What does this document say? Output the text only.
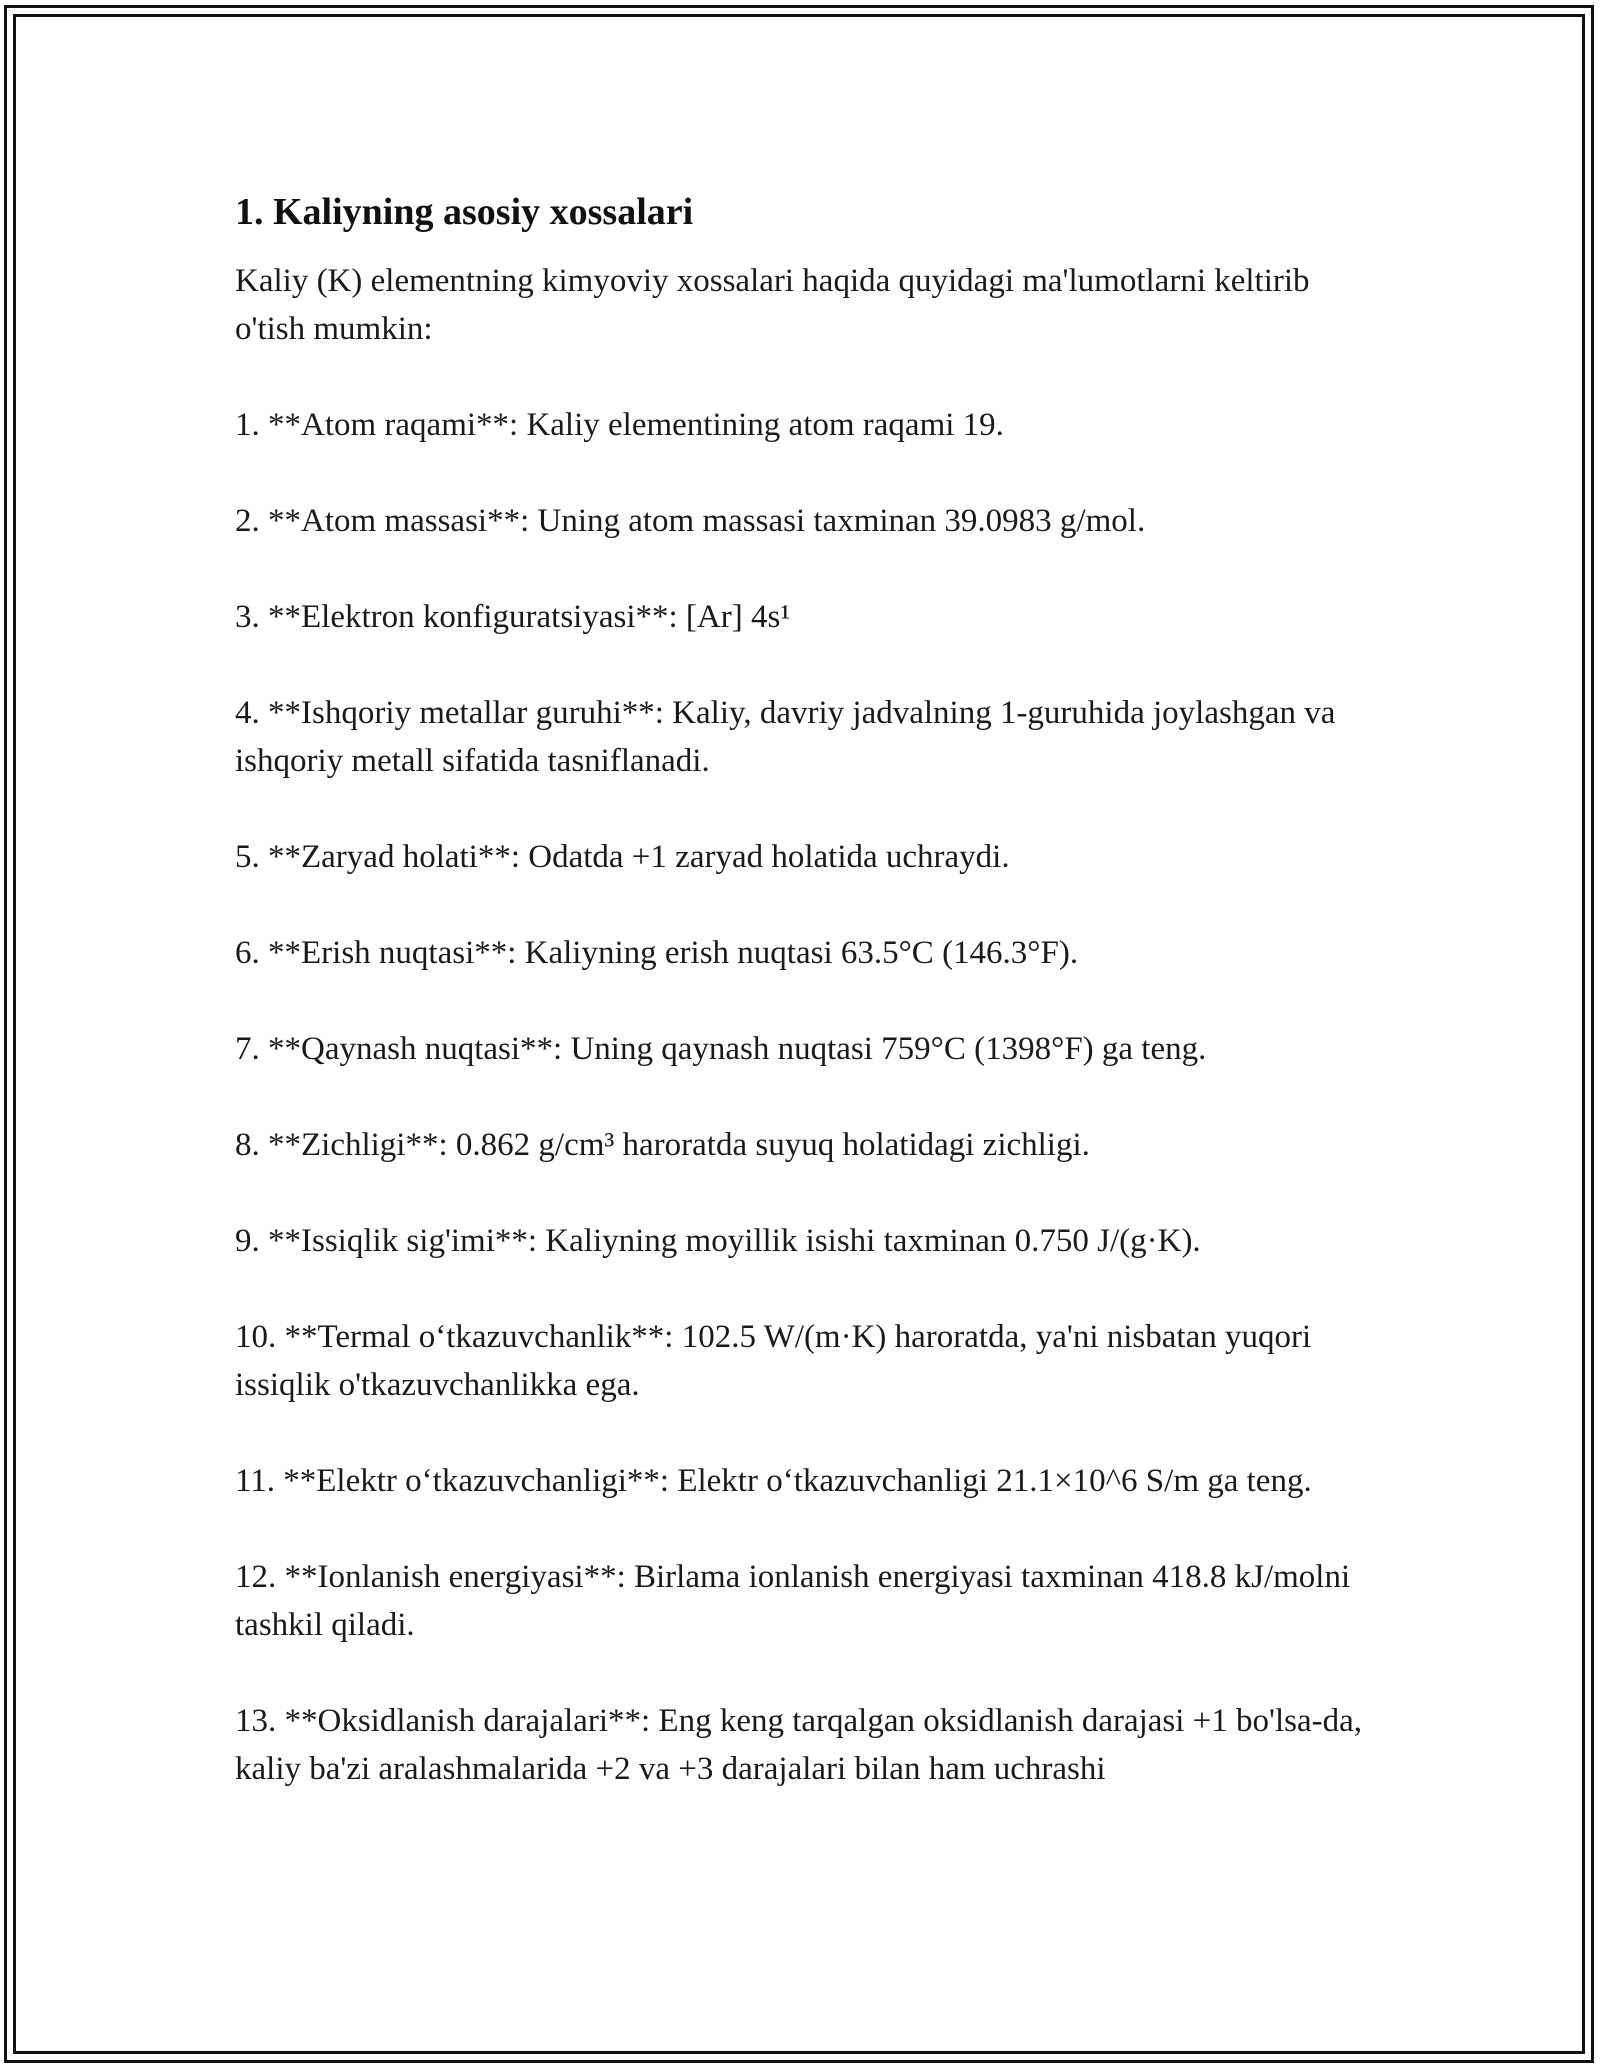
1. Kaliyning asosiy xossalari

Kaliy (K) elementning kimyoviy xossalari haqida quyidagi ma'lumotlarni keltirib o'tish mumkin:

1. **Atom raqami**: Kaliy elementining atom raqami 19.

2. **Atom massasi**: Uning atom massasi taxminan 39.0983 g/mol.

3. **Elektron konfiguratsiyasi**: [Ar] 4s¹

4. **Ishqoriy metallar guruhi**: Kaliy, davriy jadvalning 1-guruhida joylashgan va ishqoriy metall sifatida tasniflanadi.

5. **Zaryad holati**: Odatda +1 zaryad holatida uchraydi.

6. **Erish nuqtasi**: Kaliyning erish nuqtasi 63.5°C (146.3°F).

7. **Qaynash nuqtasi**: Uning qaynash nuqtasi 759°C (1398°F) ga teng.

8. **Zichligi**: 0.862 g/cm³ haroratda suyuq holatidagi zichligi.

9. **Issiqlik sig'imi**: Kaliyning moyillik isishi taxminan 0.750 J/(g·K).

10. **Termal o‘tkazuvchanlik**: 102.5 W/(m·K) haroratda, ya'ni nisbatan yuqori issiqlik o'tkazuvchanlikka ega.

11. **Elektr o‘tkazuvchanligi**: Elektr o‘tkazuvchanligi 21.1×10^6 S/m ga teng.

12. **Ionlanish energiyasi**: Birlama ionlanish energiyasi taxminan 418.8 kJ/molni tashkil qiladi.

13. **Oksidlanish darajalari**: Eng keng tarqalgan oksidlanish darajasi +1 bo'lsa-da, kaliy ba'zi aralashmalarida +2 va +3 darajalari bilan ham uchrashi
